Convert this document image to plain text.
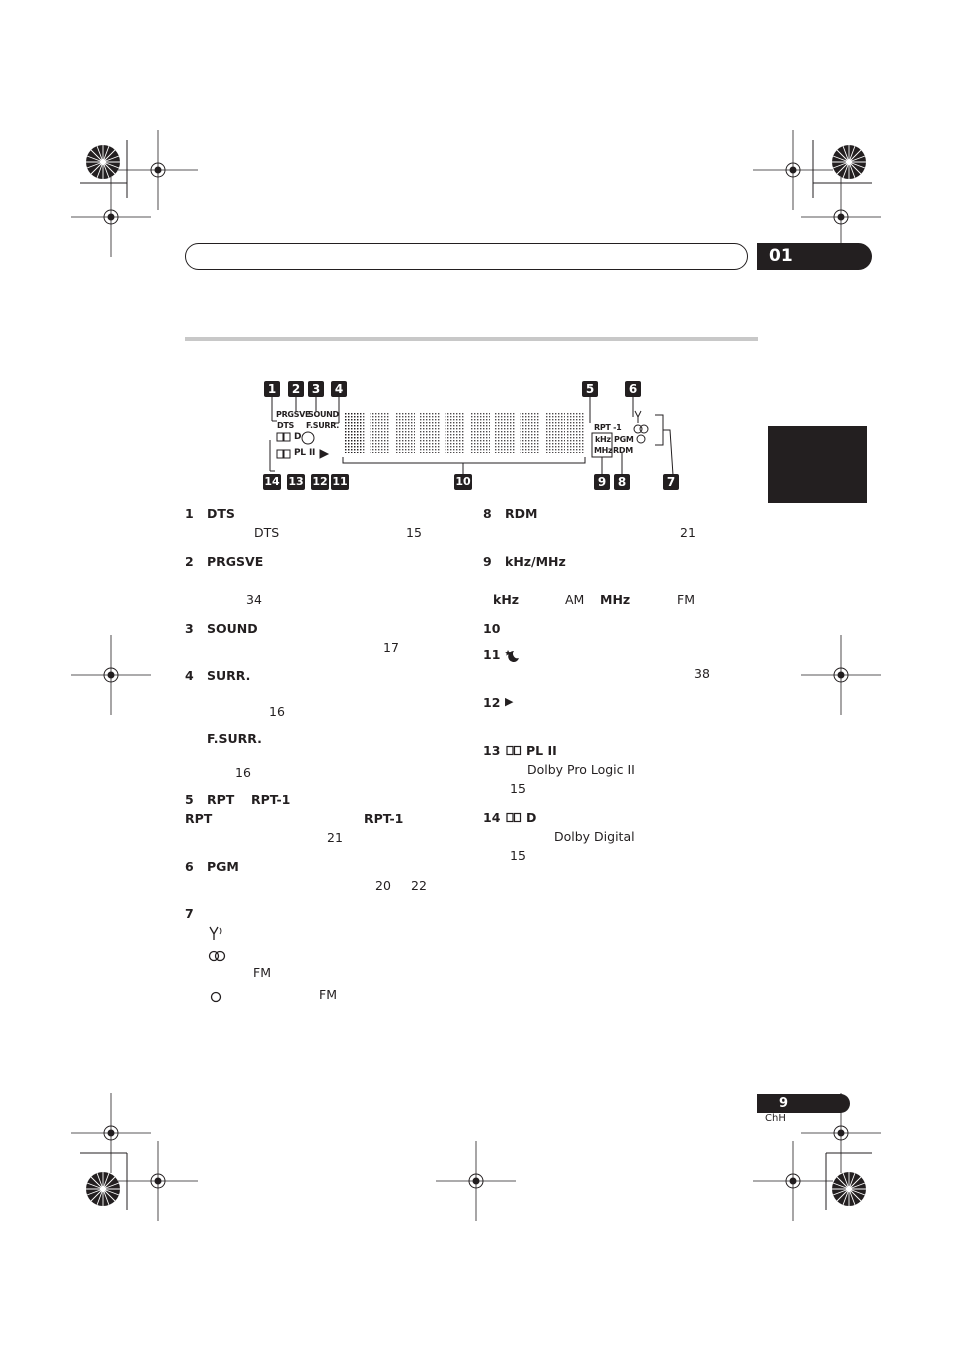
01
1	2 3	4	5	6
7
8
9
10
11
12
13
14
PRGSVE
DTS
SOUND
F.SURR.	RPT -1
kHz
MHz
PGM
RDM
D
PL II
1 DTS
DTS	15
2 PRGSVE
34
3 SOUND
17
4 SURR.
16
F.SURR.
16
5 RPT RPT-1
RPT	RPT-1
21
6 PGM
20 22
7
FM
FM
8 RDM
21
9 kHz/MHz
kHz	AM MHz	FM
10
11
38
12 ▶
13 PL II
Dolby Pro Logic II
15
14 D
Dolby Digital
15
9
ChH
